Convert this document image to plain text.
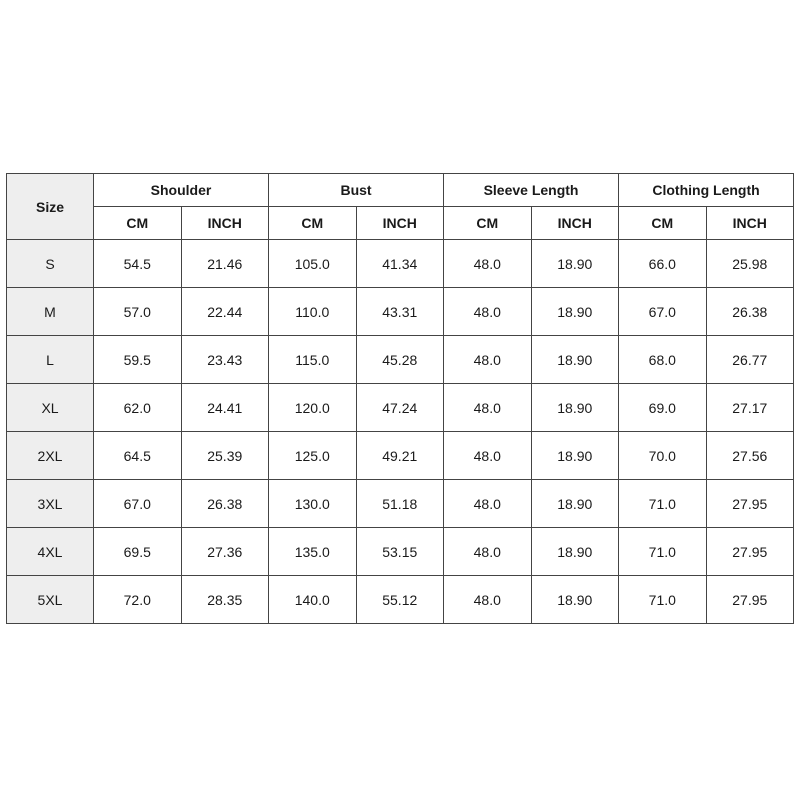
Size	Shoulder		Bust		Sleeve Length		Clothing Length	
	CM	INCH	CM	INCH	CM	INCH	CM	INCH
S	54.5	21.46	105.0	41.34	48.0	18.90	66.0	25.98
M	57.0	22.44	110.0	43.31	48.0	18.90	67.0	26.38
L	59.5	23.43	115.0	45.28	48.0	18.90	68.0	26.77
XL	62.0	24.41	120.0	47.24	48.0	18.90	69.0	27.17
2XL	64.5	25.39	125.0	49.21	48.0	18.90	70.0	27.56
3XL	67.0	26.38	130.0	51.18	48.0	18.90	71.0	27.95
4XL	69.5	27.36	135.0	53.15	48.0	18.90	71.0	27.95
5XL	72.0	28.35	140.0	55.12	48.0	18.90	71.0	27.95
